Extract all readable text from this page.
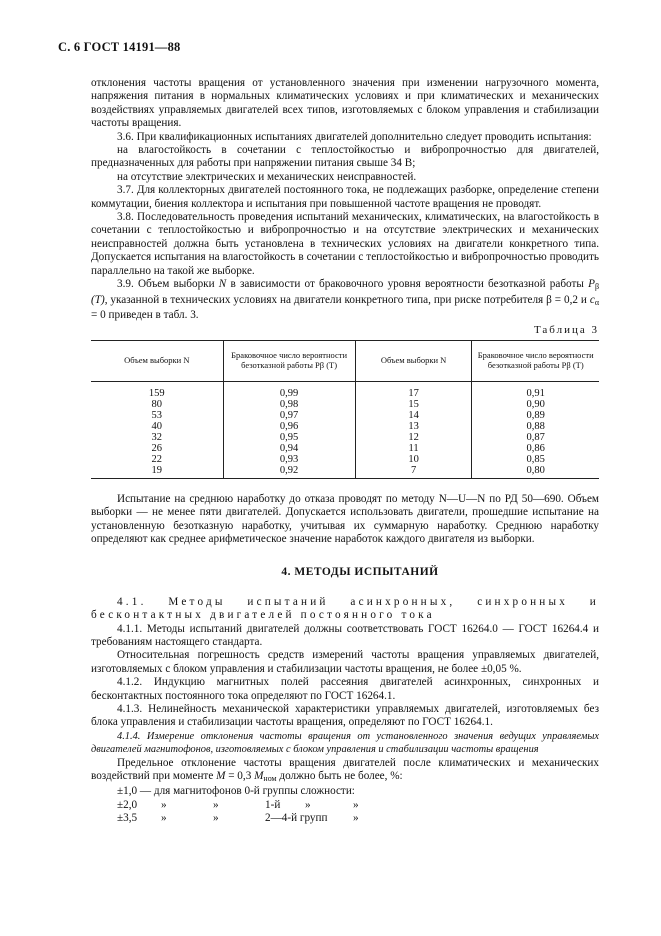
С. 6 ГОСТ 14191—88

отклонения частоты вращения от установленного значения при изменении нагрузочного момента, напряжения питания в нормальных климатических условиях и при климатических и механических воздействиях управляемых двигателей всех типов, изготовляемых с блоком управления и стабилизации частоты вращения.

3.6. При квалификационных испытаниях двигателей дополнительно следует проводить испытания:

на влагостойкость в сочетании с теплостойкостью и вибропрочностью для двигателей, предназначенных для работы при напряжении питания свыше 34 В;

на отсутствие электрических и механических неисправностей.

3.7. Для коллекторных двигателей постоянного тока, не подлежащих разборке, определение степени коммутации, биения коллектора и испытания при повышенной частоте вращения не проводят.

3.8. Последовательность проведения испытаний механических, климатических, на влагостойкость в сочетании с теплостойкостью и вибропрочностью и на отсутствие электрических и механических неисправностей должна быть установлена в технических условиях на двигатели конкретного типа. Допускается испытания на влагостойкость в сочетании с теплостойкостью и вибропрочностью проводить параллельно на такой же выборке.

3.9. Объем выборки N в зависимости от браковочного уровня вероятности безотказной работы $P_\beta$ (T), указанной в технических условиях на двигатели конкретного типа, при риске потребителя β = 0,2 и $c_\alpha = 0$ приведен в табл. 3.

Таблица 3
Объем выборки N	Браковочное число вероятности безотказной работы Pβ (T)	Объем выборки N	Браковочное число вероятности безотказной работы Pβ (T)
159	0,99	17	0,91
80	0,98	15	0,90
53	0,97	14	0,89
40	0,96	13	0,88
32	0,95	12	0,87
26	0,94	11	0,86
22	0,93	10	0,85
19	0,92	7	0,80

Испытание на среднюю наработку до отказа проводят по методу N—U—N по РД 50—690. Объем выборки — не менее пяти двигателей. Допускается использовать двигатели, прошедшие испытание на установленную безотказную наработку, учитывая их суммарную наработку. Среднюю наработку определяют как среднее арифметическое значение наработок каждого двигателя из выборки.

4. МЕТОДЫ ИСПЫТАНИЙ

4.1. Методы испытаний асинхронных, синхронных и бесконтактных двигателей постоянного тока

4.1.1. Методы испытаний двигателей должны соответствовать ГОСТ 16264.0 — ГОСТ 16264.4 и требованиям настоящего стандарта.

Относительная погрешность средств измерений частоты вращения управляемых двигателей, изготовляемых с блоком управления и стабилизации частоты вращения, не более ±0,05 %.

4.1.2. Индукцию магнитных полей рассеяния двигателей асинхронных, синхронных и бесконтактных постоянного тока определяют по ГОСТ 16264.1.

4.1.3. Нелинейность механической характеристики управляемых двигателей, изготовляемых без блока управления и стабилизации частоты вращения, определяют по ГОСТ 16264.1.

4.1.4. Измерение отклонения частоты вращения от установленного значения ведущих управляемых двигателей магнитофонов, изготовляемых с блоком управления и стабилизации частоты вращения

Предельное отклонение частоты вращения двигателей после климатических и механических воздействий при моменте M = 0,3 $M_{ном}$ должно быть не более, %:

±1,0 — для магнитофонов 0-й группы сложности:
±2,0 »	»	1-й »	»
±3,5 »	»	2—4-й групп »
